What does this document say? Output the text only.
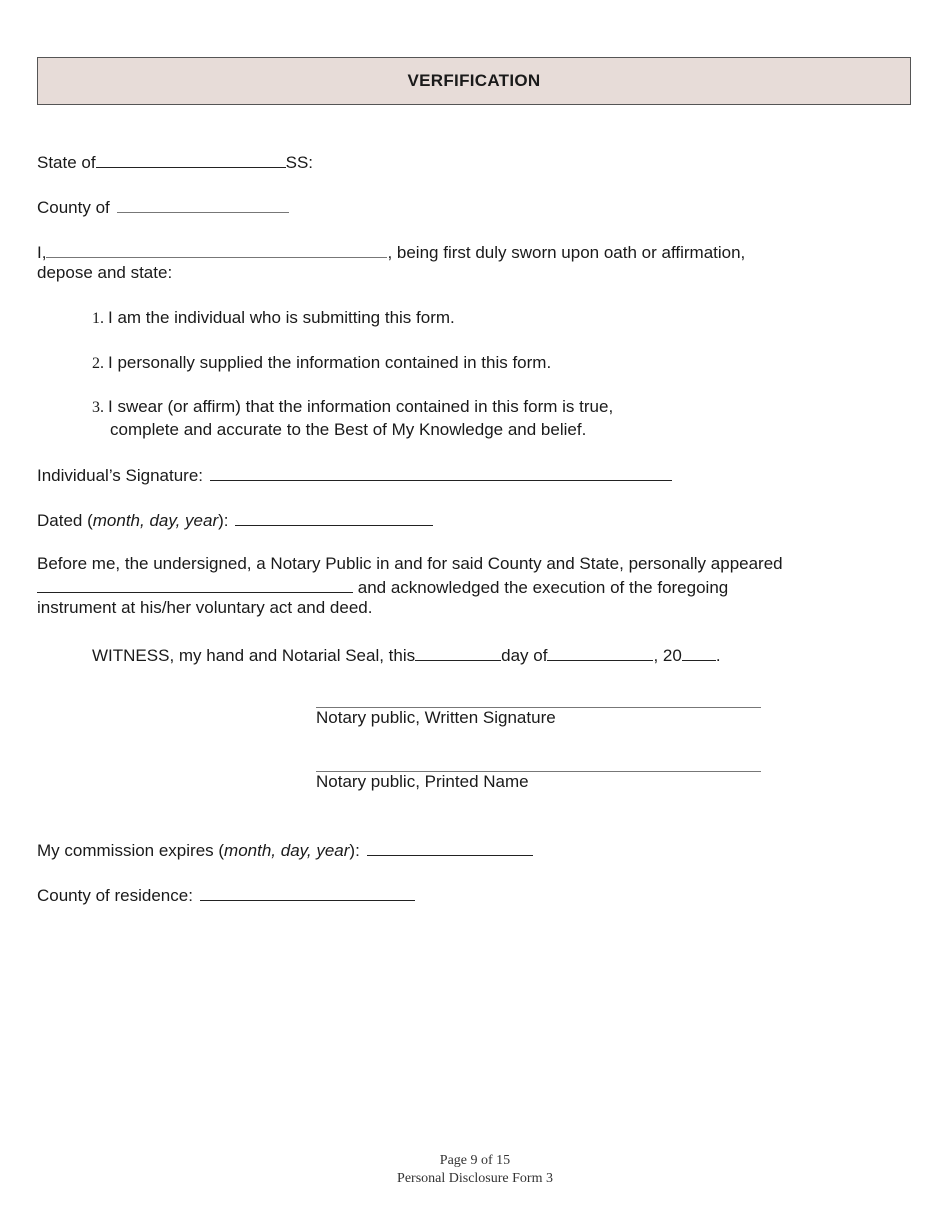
VERFIFICATION
State of	SS:
County of
I,	, being first duly sworn upon oath or affirmation,
depose and state:
1. I am the individual who is submitting this form.
2. I personally supplied the information contained in this form.
3. I swear (or affirm) that the information contained in this form is true,
complete and accurate to the Best of My Knowledge and belief.
Individual’s Signature:
Dated (month, day, year):
Before me, the undersigned, a Notary Public in and for said County and State, personally appeared
and acknowledged the execution of the foregoing
instrument at his/her voluntary act and deed.
WITNESS, my hand and Notarial Seal, this	day of	, 20 .
Notary public, Written Signature
Notary public, Printed Name
My commission expires (month, day, year):
County of residence:
Page 9 of 15
Personal Disclosure Form 3
